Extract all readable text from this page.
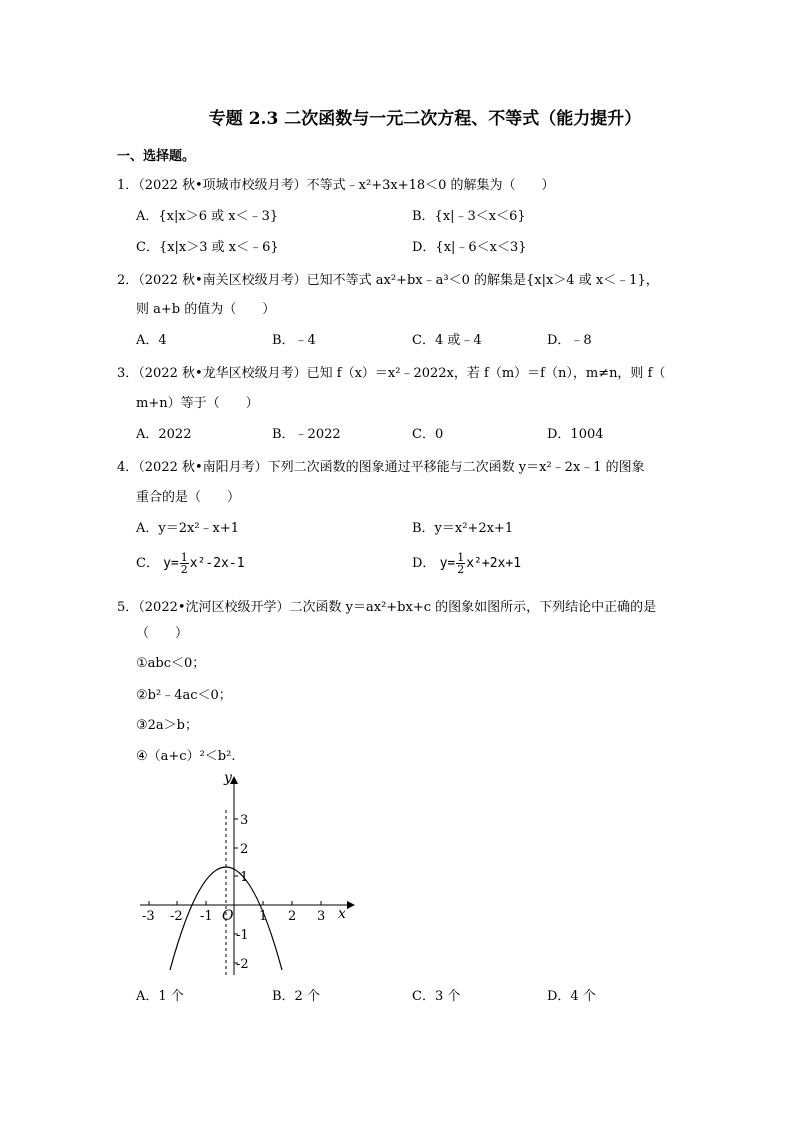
专题 2.3 二次函数与一元二次方程、不等式（能力提升）
一、选择题。
1．（2022 秋•项城市校级月考）不等式﹣x²+3x+18＜0 的解集为（　　）
A．{x|x＞6 或 x＜﹣3}	B．{x|﹣3＜x＜6}
C．{x|x＞3 或 x＜﹣6}	D．{x|﹣6＜x＜3}
2．（2022 秋•南关区校级月考）已知不等式 ax²+bx﹣a³＜0 的解集是{x|x＞4 或 x＜﹣1}，
则 a+b 的值为（　　）
A．4	B．﹣4	C．4 或﹣4	D．﹣8
3．（2022 秋•龙华区校级月考）已知 f（x）＝x²﹣2022x，若 f（m）＝f（n），m≠n，则 f（
m+n）等于（　　）
A．2022	B．﹣2022	C．0	D．1004
4．（2022 秋•南阳月考）下列二次函数的图象通过平移能与二次函数 y＝x²﹣2x﹣1 的图象
重合的是（　　）
A．y＝2x²﹣x+1	B．y＝x²+2x+1
C． $y= \frac{1}{2} x^2-2x-1$	D． $y= \frac{1}{2} x^2+2x+1$
5．（2022•沈河区校级开学）二次函数 y＝ax²+bx+c 的图象如图所示，下列结论中正确的是
（　　）
①abc＜0；
②b²﹣4ac＜0；
③2a＞b；
④（a+c）²＜b².
-3 -2 -1	1 2 3
3
2
1
-1
-2
O	x
y
A．1 个	B．2 个	C．3 个	D．4 个
